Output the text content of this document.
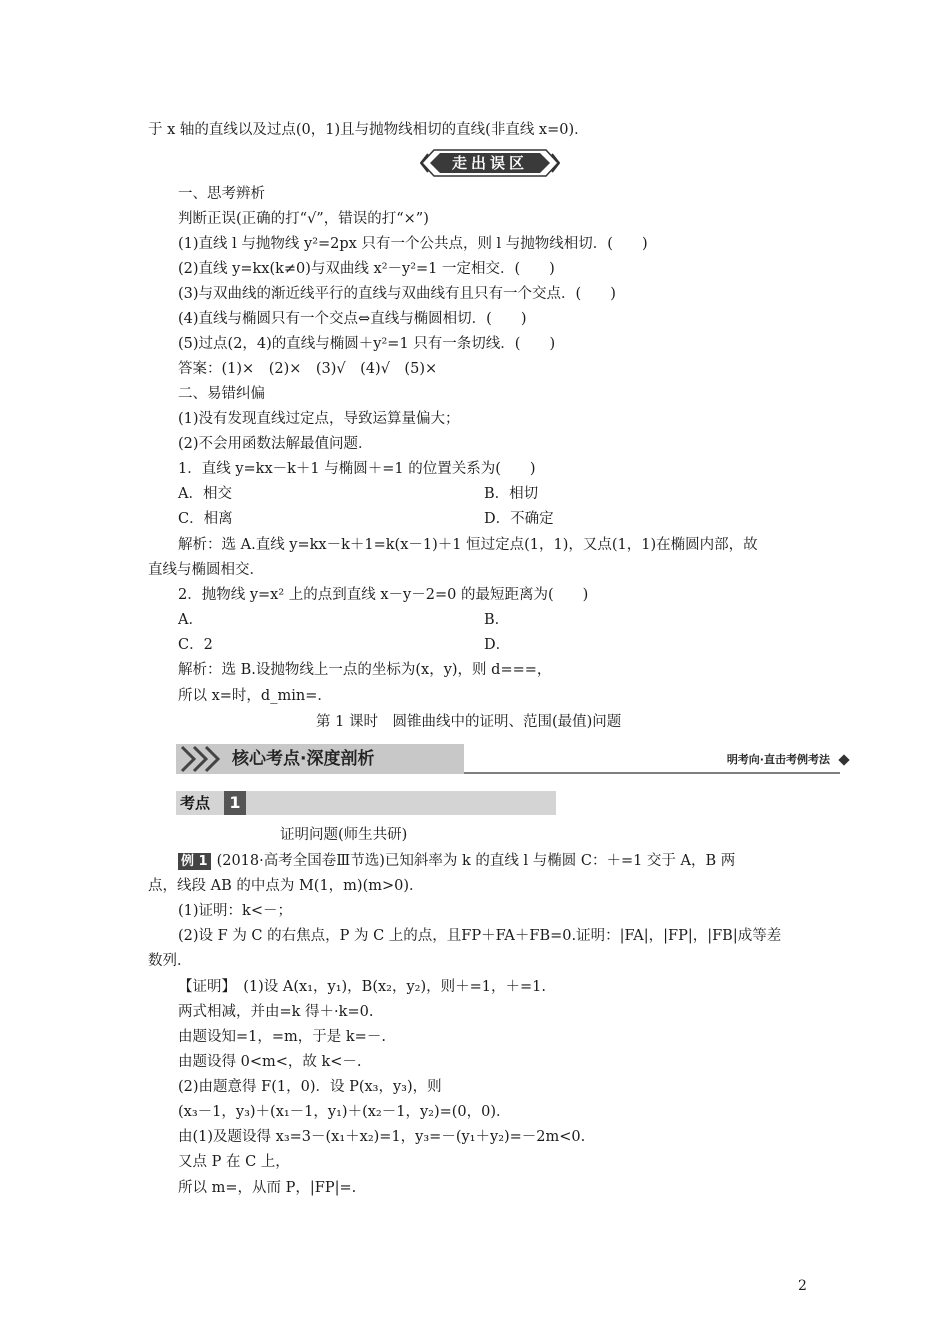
于 x 轴的直线以及过点(0，1)且与抛物线相切的直线(非直线 x=0)．
走出误区
一、思考辨析
判断正误(正确的打“√”，错误的打“×”)
(1)直线 l 与抛物线 y²=2px 只有一个公共点，则 l 与抛物线相切．(　　)
(2)直线 y=kx(k≠0)与双曲线 x²－y²=1 一定相交．(　　)
(3)与双曲线的渐近线平行的直线与双曲线有且只有一个交点．(　　)
(4)直线与椭圆只有一个交点⇔直线与椭圆相切．(　　)
(5)过点(2，4)的直线与椭圆＋y²=1 只有一条切线．(　　)
答案：(1)×　(2)×　(3)√　(4)√　(5)×
二、易错纠偏
(1)没有发现直线过定点，导致运算量偏大；
(2)不会用函数法解最值问题．
1．直线 y=kx－k＋1 与椭圆＋=1 的位置关系为(　　)
A．相交	B．相切
C．相离	D．不确定
解析：选 A.直线 y=kx－k＋1=k(x－1)＋1 恒过定点(1，1)，又点(1，1)在椭圆内部，故
直线与椭圆相交．
2．抛物线 y=x² 上的点到直线 x－y－2=0 的最短距离为(　　)
A．	B．
C．2	D．
解析：选 B.设抛物线上一点的坐标为(x，y)，则 d===，
所以 x=时，d_min=．
第 1 课时　圆锥曲线中的证明、范围(最值)问题
核心考点·深度剖析	明考向·直击考例考法
考点	1
证明问题(师生共研)
例 1 (2018·高考全国卷Ⅲ节选)已知斜率为 k 的直线 l 与椭圆 C：＋=1 交于 A，B 两
点，线段 AB 的中点为 M(1，m)(m>0)．
(1)证明：k<－；
(2)设 F 为 C 的右焦点，P 为 C 上的点，且FP＋FA＋FB=0.证明：|FA|，|FP|，|FB|成等差
数列．
【证明】　(1)设 A(x₁，y₁)，B(x₂，y₂)，则＋=1，＋=1.
两式相减，并由=k 得＋·k=0.
由题设知=1，=m，于是 k=－.
由题设得 0<m<，故 k<－.
(2)由题意得 F(1，0)．设 P(x₃，y₃)，则
(x₃－1，y₃)＋(x₁－1，y₁)＋(x₂－1，y₂)=(0，0)．
由(1)及题设得 x₃=3－(x₁＋x₂)=1，y₃=－(y₁＋y₂)=－2m<0.
又点 P 在 C 上，
所以 m=，从而 P，|FP|=.
2
